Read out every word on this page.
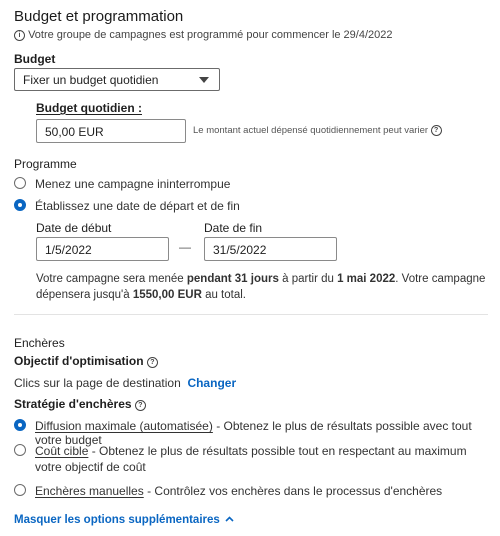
Budget et programmation
i Votre groupe de campagnes est programmé pour commencer le 29/4/2022
Budget
Fixer un budget quotidien
Budget quotidien :
50,00 EUR	Le montant actuel dépensé quotidiennement peut varier ?
Programme
Menez une campagne ininterrompue
Établissez une date de départ et de fin
Date de début
1/5/2022	—
Date de fin
31/5/2022
Votre campagne sera menée pendant 31 jours à partir du 1 mai 2022. Votre campagne dépensera jusqu'à 1550,00 EUR au total.
Enchères
Objectif d'optimisation ?
Clics sur la page de destination Changer
Stratégie d'enchères ?
Diffusion maximale (automatisée) - Obtenez le plus de résultats possible avec tout votre budget
Coût cible - Obtenez le plus de résultats possible tout en respectant au maximum votre objectif de coût
Enchères manuelles - Contrôlez vos enchères dans le processus d'enchères
Masquer les options supplémentaires
